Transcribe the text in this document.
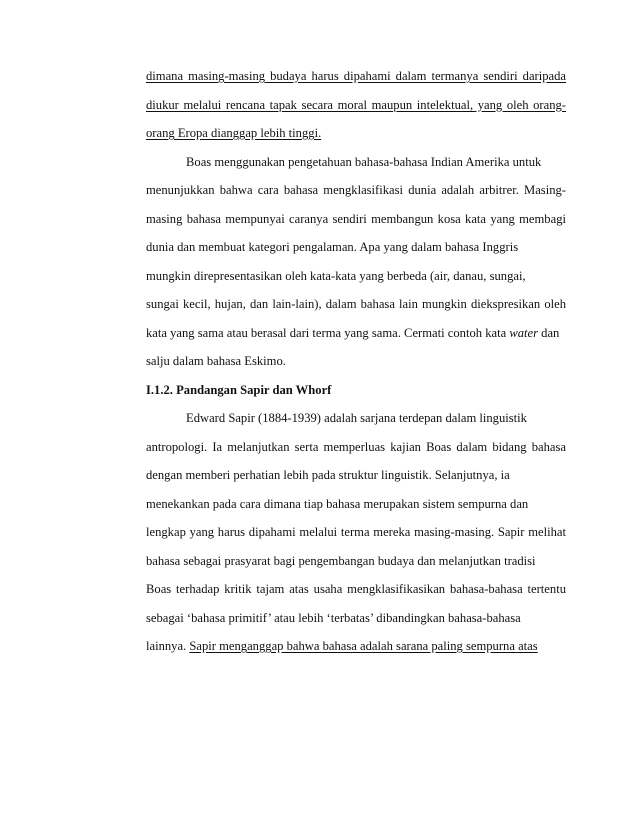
dimana masing-masing budaya harus dipahami dalam termanya sendiri daripada
diukur melalui rencana tapak secara moral maupun intelektual, yang oleh orang-
orang Eropa dianggap lebih tinggi.
Boas menggunakan pengetahuan bahasa-bahasa Indian Amerika untuk
menunjukkan bahwa cara bahasa mengklasifikasi dunia adalah arbitrer. Masing-
masing bahasa mempunyai caranya sendiri membangun kosa kata yang membagi
dunia dan membuat kategori pengalaman. Apa yang dalam bahasa Inggris
mungkin direpresentasikan oleh kata-kata yang berbeda (air, danau, sungai,
sungai kecil, hujan, dan lain-lain), dalam bahasa lain mungkin diekspresikan oleh
kata yang sama atau berasal dari terma yang sama. Cermati contoh kata water dan
salju dalam bahasa Eskimo.
I.1.2. Pandangan Sapir dan Whorf
Edward Sapir (1884-1939) adalah sarjana terdepan dalam linguistik
antropologi. Ia melanjutkan serta memperluas kajian Boas dalam bidang bahasa
dengan memberi perhatian lebih pada struktur linguistik. Selanjutnya, ia
menekankan pada cara dimana tiap bahasa merupakan sistem sempurna dan
lengkap yang harus dipahami melalui terma mereka masing-masing. Sapir melihat
bahasa sebagai prasyarat bagi pengembangan budaya dan melanjutkan tradisi
Boas terhadap kritik tajam atas usaha mengklasifikasikan bahasa-bahasa tertentu
sebagai ‘bahasa primitif’ atau lebih ‘terbatas’ dibandingkan bahasa-bahasa
lainnya. Sapir menganggap bahwa bahasa adalah sarana paling sempurna atas
